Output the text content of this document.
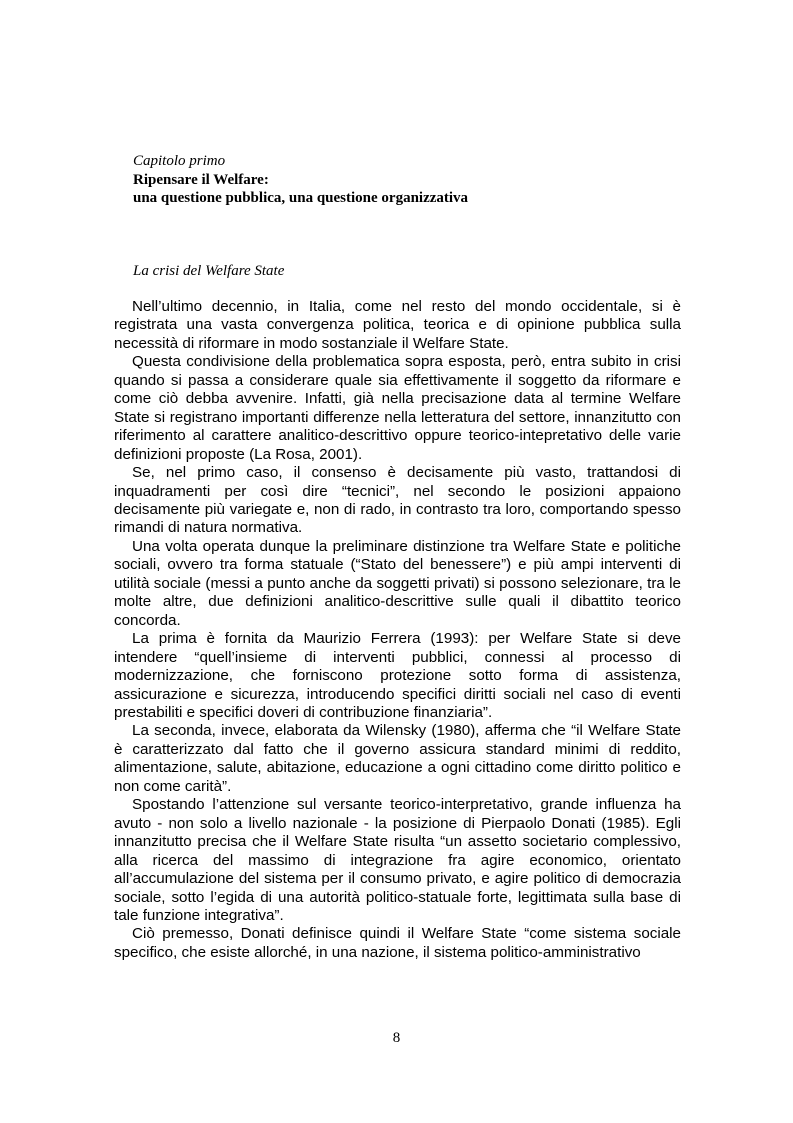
Capitolo primo
Ripensare il Welfare:
una questione pubblica, una questione organizzativa
La crisi del Welfare State

Nell’ultimo decennio, in Italia, come nel resto del mondo occidentale, si è registrata una vasta convergenza politica, teorica e di opinione pubblica sulla necessità di riformare in modo sostanziale il Welfare State.

Questa condivisione della problematica sopra esposta, però, entra subito in crisi quando si passa a considerare quale sia effettivamente il soggetto da riformare e come ciò debba avvenire. Infatti, già nella precisazione data al termine Welfare State si registrano importanti differenze nella letteratura del settore, innanzitutto con riferimento al carattere analitico-descrittivo oppure teorico-intepretativo delle varie definizioni proposte (La Rosa, 2001).

Se, nel primo caso, il consenso è decisamente più vasto, trattandosi di inquadramenti per così dire “tecnici”, nel secondo le posizioni appaiono decisamente più variegate e, non di rado, in contrasto tra loro, comportando spesso rimandi di natura normativa.

Una volta operata dunque la preliminare distinzione tra Welfare State e politiche sociali, ovvero tra forma statuale (“Stato del benessere”) e più ampi interventi di utilità sociale (messi a punto anche da soggetti privati) si possono selezionare, tra le molte altre, due definizioni analitico-descrittive sulle quali il dibattito teorico concorda.

La prima è fornita da Maurizio Ferrera (1993): per Welfare State si deve intendere “quell’insieme di interventi pubblici, connessi al processo di modernizzazione, che forniscono protezione sotto forma di assistenza, assicurazione e sicurezza, introducendo specifici diritti sociali nel caso di eventi prestabiliti e specifici doveri di contribuzione finanziaria”.

La seconda, invece, elaborata da Wilensky (1980), afferma che “il Welfare State è caratterizzato dal fatto che il governo assicura standard minimi di reddito, alimentazione, salute, abitazione, educazione a ogni cittadino come diritto politico e non come carità”.

Spostando l’attenzione sul versante teorico-interpretativo, grande influenza ha avuto - non solo a livello nazionale - la posizione di Pierpaolo Donati (1985). Egli innanzitutto precisa che il Welfare State risulta “un assetto societario complessivo, alla ricerca del massimo di integrazione fra agire economico, orientato all’accumulazione del sistema per il consumo privato, e agire politico di democrazia sociale, sotto l’egida di una autorità politico-statuale forte, legittimata sulla base di tale funzione integrativa”.

Ciò premesso, Donati definisce quindi il Welfare State “come sistema sociale specifico, che esiste allorché, in una nazione, il sistema politico-amministrativo

8
